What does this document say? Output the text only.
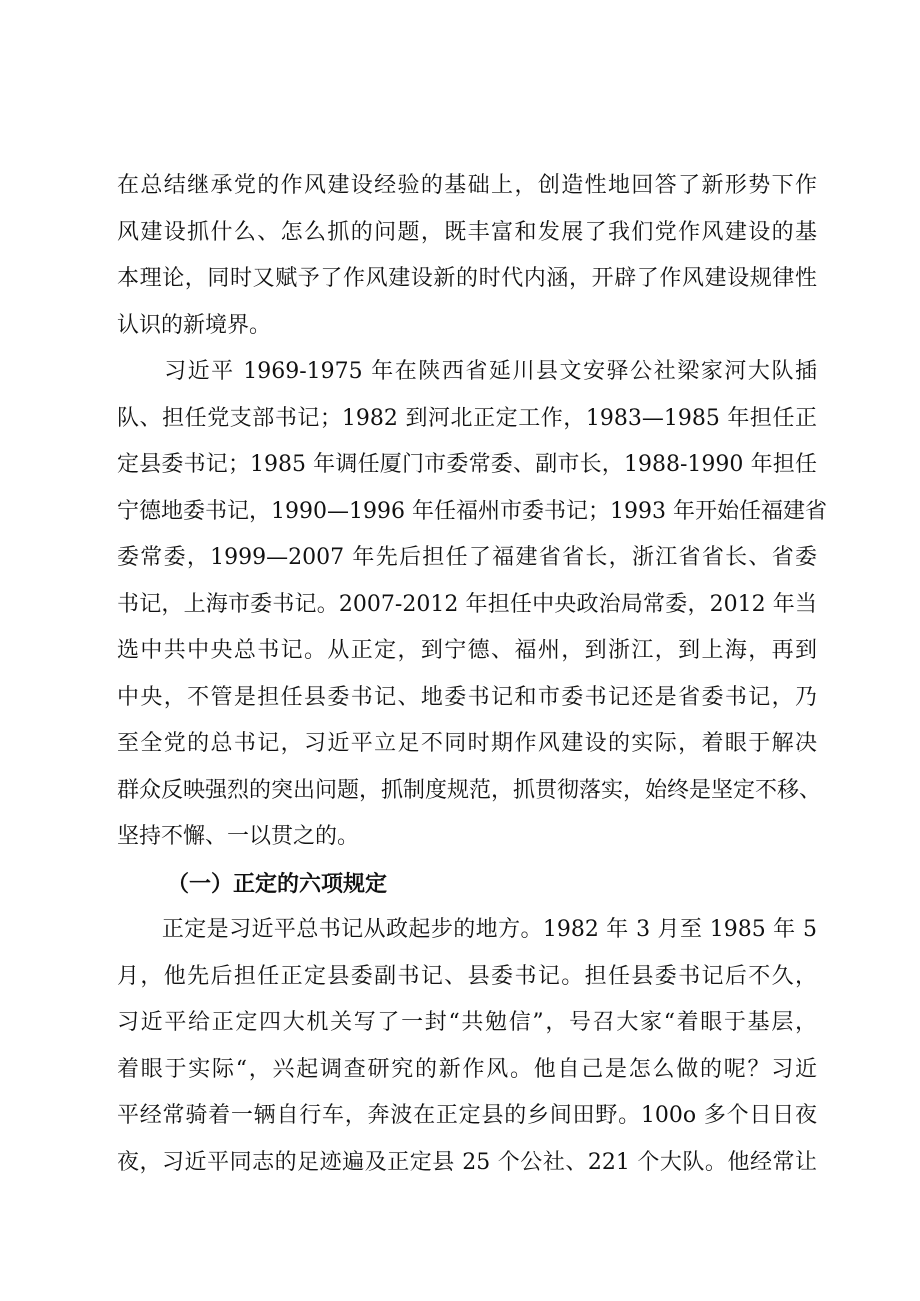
在总结继承党的作风建设经验的基础上，创造性地回答了新形势下作
风建设抓什么、怎么抓的问题，既丰富和发展了我们党作风建设的基
本理论，同时又赋予了作风建设新的时代内涵，开辟了作风建设规律性
认识的新境界。
　　习近平 1969-1975 年在陕西省延川县文安驿公社梁家河大队插
队、担任党支部书记；1982 到河北正定工作，1983—1985 年担任正
定县委书记；1985 年调任厦门市委常委、副市长，1988-1990 年担任
宁德地委书记，1990—1996 年任福州市委书记；1993 年开始任福建省
委常委，1999—2007 年先后担任了福建省省长，浙江省省长、省委
书记，上海市委书记。2007-2012 年担任中央政治局常委，2012 年当
选中共中央总书记。从正定，到宁德、福州，到浙江，到上海，再到
中央，不管是担任县委书记、地委书记和市委书记还是省委书记，乃
至全党的总书记，习近平立足不同时期作风建设的实际，着眼于解决
群众反映强烈的突出问题，抓制度规范，抓贯彻落实，始终是坚定不移、
坚持不懈、一以贯之的。
（一）正定的六项规定
　　正定是习近平总书记从政起步的地方。1982 年 3 月至 1985 年 5
月，他先后担任正定县委副书记、县委书记。担任县委书记后不久，
习近平给正定四大机关写了一封“共勉信”，号召大家“着眼于基层，
着眼于实际“，兴起调查研究的新作风。他自己是怎么做的呢？习近
平经常骑着一辆自行车，奔波在正定县的乡间田野。100o 多个日日夜
夜，习近平同志的足迹遍及正定县 25 个公社、221 个大队。他经常让
